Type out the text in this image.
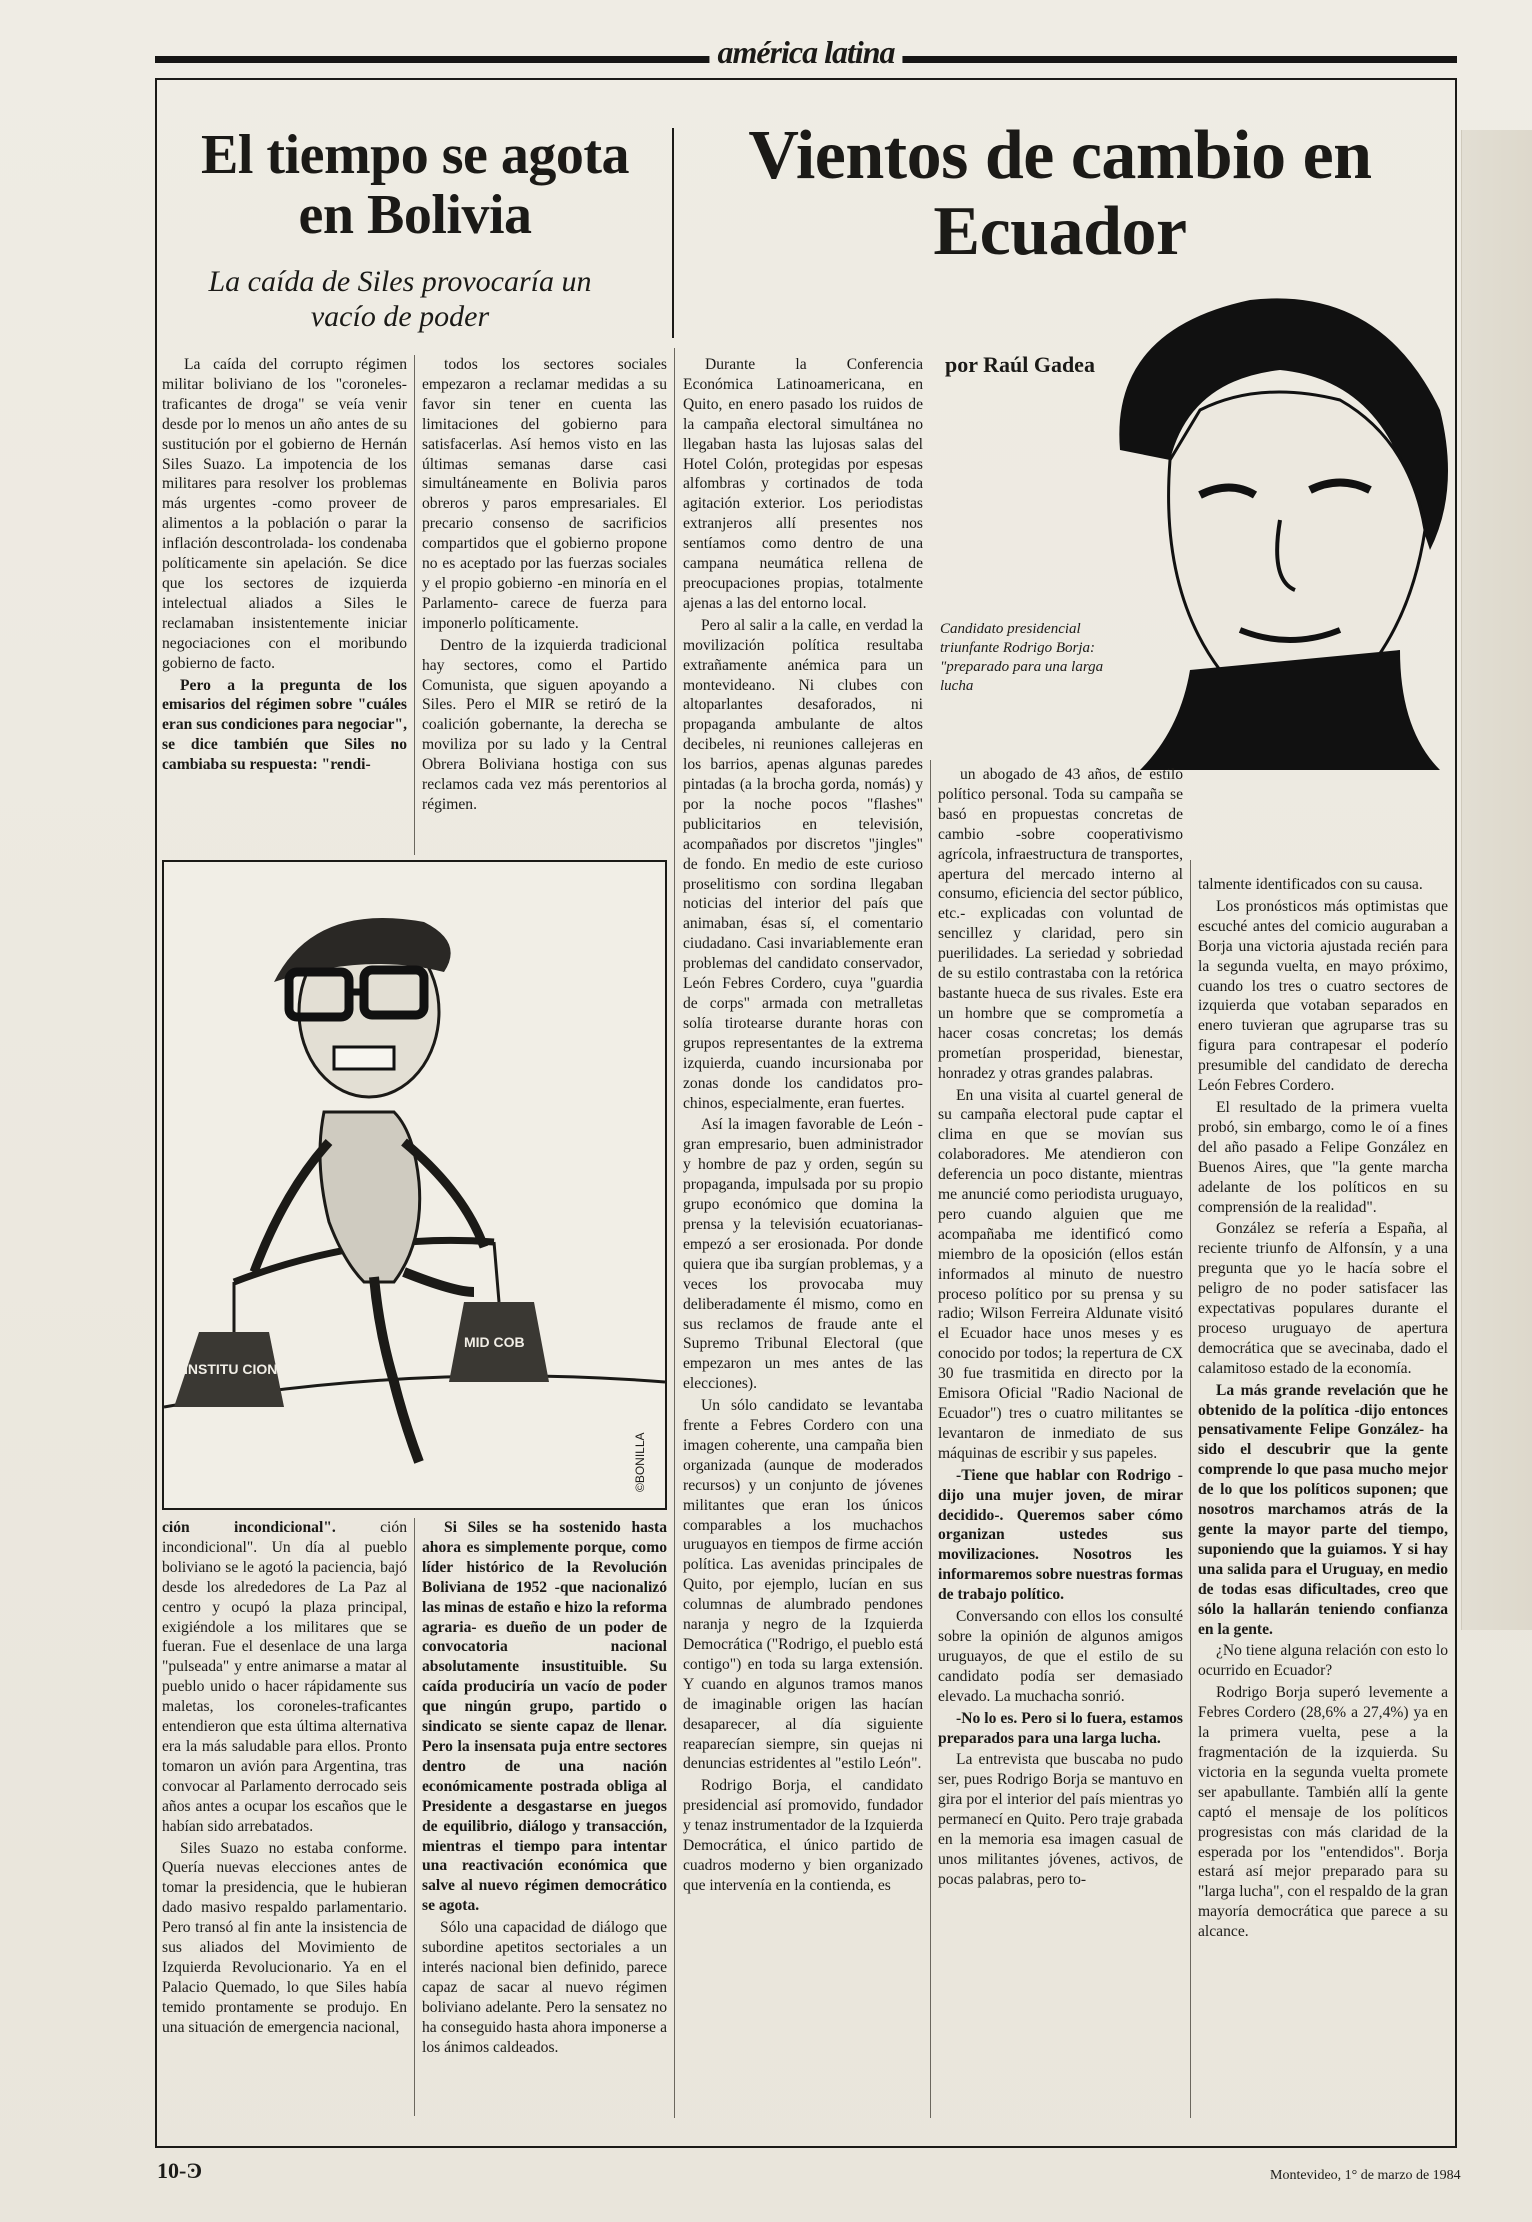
américa latina
El tiempo se agota en Bolivia
La caída de Siles provocaría un vacío de poder

La caída del corrupto régimen militar boliviano de los "coroneles-traficantes de droga" se veía venir desde por lo menos un año antes de su sustitución por el gobierno de Hernán Siles Suazo. La impotencia de los militares para resolver los problemas más urgentes -como proveer de alimentos a la población o parar la inflación descontrolada- los condenaba políticamente sin apelación. Se dice que los sectores de izquierda intelectual aliados a Siles le reclamaban insistentemente iniciar negociaciones con el moribundo gobierno de facto.

Pero a la pregunta de los emisarios del régimen sobre "cuáles eran sus condiciones para negociar", se dice también que Siles no cambiaba su respuesta: "rendi-

todos los sectores sociales empezaron a reclamar medidas a su favor sin tener en cuenta las limitaciones del gobierno para satisfacerlas. Así hemos visto en las últimas semanas darse casi simultáneamente en Bolivia paros obreros y paros empresariales. El precario consenso de sacrificios compartidos que el gobierno propone no es aceptado por las fuerzas sociales y el propio gobierno -en minoría en el Parlamento- carece de fuerza para imponerlo políticamente.

Dentro de la izquierda tradicional hay sectores, como el Partido Comunista, que siguen apoyando a Siles. Pero el MIR se retiró de la coalición gobernante, la derecha se moviliza por su lado y la Central Obrera Boliviana hostiga con sus reclamos cada vez más perentorios al régimen.

INSTITU CIONES
MID COB
©BONILLA

ción incondicional".	ción incondicional". Un día al pueblo boliviano se le agotó la paciencia, bajó desde los alrededores de La Paz al centro y ocupó la plaza principal, exigiéndole a los militares que se fueran. Fue el desenlace de una larga "pulseada" y entre animarse a matar al pueblo unido o hacer rápidamente sus maletas, los coroneles-traficantes entendieron que esta última alternativa era la más saludable para ellos. Pronto tomaron un avión para Argentina, tras convocar al Parlamento derrocado seis años antes a ocupar los escaños que le habían sido arrebatados.

Siles Suazo no estaba conforme. Quería nuevas elecciones antes de tomar la presidencia, que le hubieran dado masivo respaldo parlamentario. Pero transó al fin ante la insistencia de sus aliados del Movimiento de Izquierda Revolucionario. Ya en el Palacio Quemado, lo que Siles había temido prontamente se produjo. En una situación de emergencia nacional,

Si Siles se ha sostenido hasta ahora es simplemente porque, como líder histórico de la Revolución Boliviana de 1952 -que nacionalizó las minas de estaño e hizo la reforma agraria- es dueño de un poder de convocatoria nacional absolutamente insustituible. Su caída produciría un vacío de poder que ningún grupo, partido o sindicato se siente capaz de llenar. Pero la insensata puja entre sectores dentro de una nación económicamente postrada obliga al Presidente a desgastarse en juegos de equilibrio, diálogo y transacción, mientras el tiempo para intentar una reactivación económica que salve al nuevo régimen democrático se agota.

Sólo una capacidad de diálogo que subordine apetitos sectoriales a un interés nacional bien definido, parece capaz de sacar al nuevo régimen boliviano adelante. Pero la sensatez no ha conseguido hasta ahora imponerse a los ánimos caldeados.

Vientos de cambio en Ecuador
por Raúl Gadea
Candidato presidencial triunfante Rodrigo Borja: "preparado para una larga lucha

Durante la Conferencia Económica Latinoamericana, en Quito, en enero pasado los ruidos de la campaña electoral simultánea no llegaban hasta las lujosas salas del Hotel Colón, protegidas por espesas alfombras y cortinados de toda agitación exterior. Los periodistas extranjeros allí presentes nos sentíamos como dentro de una campana neumática rellena de preocupaciones propias, totalmente ajenas a las del entorno local.

Pero al salir a la calle, en verdad la movilización política resultaba extrañamente anémica para un montevideano. Ni clubes con altoparlantes desaforados, ni propaganda ambulante de altos decibeles, ni reuniones callejeras en los barrios, apenas algunas paredes pintadas (a la brocha gorda, nomás) y por la noche pocos "flashes" publicitarios en televisión, acompañados por discretos "jingles" de fondo. En medio de este curioso proselitismo con sordina llegaban noticias del interior del país que animaban, ésas sí, el comentario ciudadano. Casi invariablemente eran problemas del candidato conservador, León Febres Cordero, cuya "guardia de corps" armada con metralletas solía tirotearse durante horas con grupos representantes de la extrema izquierda, cuando incursionaba por zonas donde los candidatos pro-chinos, especialmente, eran fuertes.

Así la imagen favorable de León -gran empresario, buen administrador y hombre de paz y orden, según su propaganda, impulsada por su propio grupo económico que domina la prensa y la televisión ecuatorianas- empezó a ser erosionada. Por donde quiera que iba surgían problemas, y a veces los provocaba muy deliberadamente él mismo, como en sus reclamos de fraude ante el Supremo Tribunal Electoral (que empezaron un mes antes de las elecciones).

Un sólo candidato se levantaba frente a Febres Cordero con una imagen coherente, una campaña bien organizada (aunque de moderados recursos) y un conjunto de jóvenes militantes que eran los únicos comparables a los muchachos uruguayos en tiempos de firme acción política. Las avenidas principales de Quito, por ejemplo, lucían en sus columnas de alumbrado pendones naranja y negro de la Izquierda Democrática ("Rodrigo, el pueblo está contigo") en toda su larga extensión. Y cuando en algunos tramos manos de imaginable origen las hacían desaparecer, al día siguiente reaparecían siempre, sin quejas ni denuncias estridentes al "estilo León".

Rodrigo Borja, el candidato presidencial así promovido, fundador y tenaz instrumentador de la Izquierda Democrática, el único partido de cuadros moderno y bien organizado que intervenía en la contienda, es

un abogado de 43 años, de estilo político personal. Toda su campaña se basó en propuestas concretas de cambio -sobre cooperativismo agrícola, infraestructura de transportes, apertura del mercado interno al consumo, eficiencia del sector público, etc.- explicadas con voluntad de sencillez y claridad, pero sin puerilidades. La seriedad y sobriedad de su estilo contrastaba con la retórica bastante hueca de sus rivales. Este era un hombre que se comprometía a hacer cosas concretas; los demás prometían prosperidad, bienestar, honradez y otras grandes palabras.

En una visita al cuartel general de su campaña electoral pude captar el clima en que se movían sus colaboradores. Me atendieron con deferencia un poco distante, mientras me anuncié como periodista uruguayo, pero cuando alguien que me acompañaba me identificó como miembro de la oposición (ellos están informados al minuto de nuestro proceso político por su prensa y su radio; Wilson Ferreira Aldunate visitó el Ecuador hace unos meses y es conocido por todos; la repertura de CX 30 fue trasmitida en directo por la Emisora Oficial "Radio Nacional de Ecuador") tres o cuatro militantes se levantaron de inmediato de sus máquinas de escribir y sus papeles.

-Tiene que hablar con Rodrigo -dijo una mujer joven, de mirar decidido-. Queremos saber cómo organizan ustedes sus movilizaciones. Nosotros les informaremos sobre nuestras formas de trabajo político.

Conversando con ellos los consulté sobre la opinión de algunos amigos uruguayos, de que el estilo de su candidato podía ser demasiado elevado. La muchacha sonrió.

-No lo es. Pero si lo fuera, estamos preparados para una larga lucha.

La entrevista que buscaba no pudo ser, pues Rodrigo Borja se mantuvo en gira por el interior del país mientras yo permanecí en Quito. Pero traje grabada en la memoria esa imagen casual de unos militantes jóvenes, activos, de pocas palabras, pero to-

talmente identificados con su causa.

Los pronósticos más optimistas que escuché antes del comicio auguraban a Borja una victoria ajustada recién para la segunda vuelta, en mayo próximo, cuando los tres o cuatro sectores de izquierda que votaban separados en enero tuvieran que agruparse tras su figura para contrapesar el poderío presumible del candidato de derecha León Febres Cordero.

El resultado de la primera vuelta probó, sin embargo, como le oí a fines del año pasado a Felipe González en Buenos Aires, que "la gente marcha adelante de los políticos en su comprensión de la realidad".

González se refería a España, al reciente triunfo de Alfonsín, y a una pregunta que yo le hacía sobre el peligro de no poder satisfacer las expectativas populares durante el proceso uruguayo de apertura democrática que se avecinaba, dado el calamitoso estado de la economía.

La más grande revelación que he obtenido de la política -dijo entonces pensativamente Felipe González- ha sido el descubrir que la gente comprende lo que pasa mucho mejor de lo que los políticos suponen; que nosotros marchamos atrás de la gente la mayor parte del tiempo, suponiendo que la guiamos. Y si hay una salida para el Uruguay, en medio de todas esas dificultades, creo que sólo la hallarán teniendo confianza en la gente.

¿No tiene alguna relación con esto lo ocurrido en Ecuador?

Rodrigo Borja superó levemente a Febres Cordero (28,6% a 27,4%) ya en la primera vuelta, pese a la fragmentación de la izquierda. Su victoria en la segunda vuelta promete ser apabullante. También allí la gente captó el mensaje de los políticos progresistas con más claridad de la esperada por los "entendidos". Borja estará así mejor preparado para su "larga lucha", con el respaldo de la gran mayoría democrática que parece a su alcance.

10-Ͽ	Montevideo, 1° de marzo de 1984
